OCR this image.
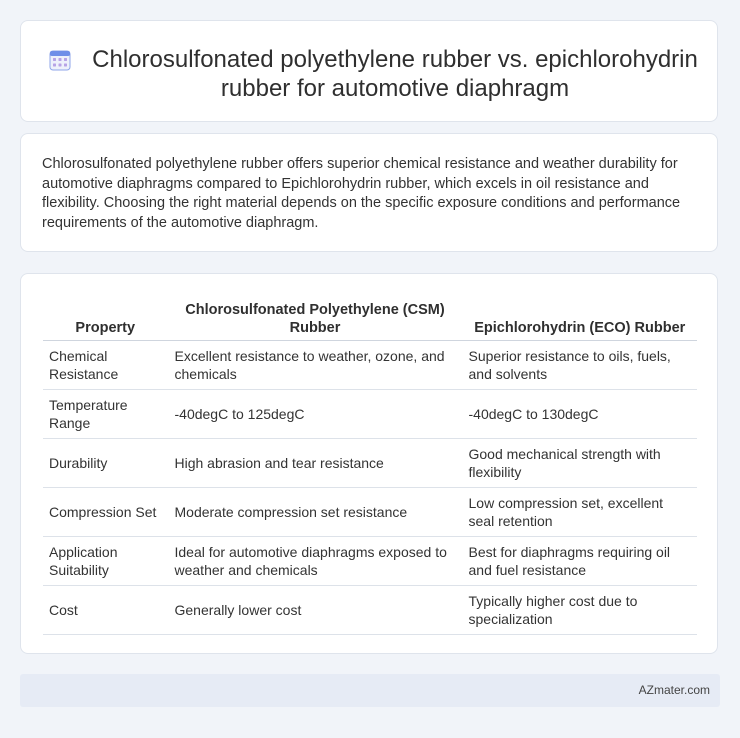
Chlorosulfonated polyethylene rubber vs. epichlorohydrin rubber for automotive diaphragm
Chlorosulfonated polyethylene rubber offers superior chemical resistance and weather durability for automotive diaphragms compared to Epichlorohydrin rubber, which excels in oil resistance and flexibility. Choosing the right material depends on the specific exposure conditions and performance requirements of the automotive diaphragm.
Property	Chlorosulfonated Polyethylene (CSM) Rubber	Epichlorohydrin (ECO) Rubber
Chemical Resistance	Excellent resistance to weather, ozone, and chemicals	Superior resistance to oils, fuels, and solvents
Temperature Range	-40degC to 125degC	-40degC to 130degC
Durability	High abrasion and tear resistance	Good mechanical strength with flexibility
Compression Set	Moderate compression set resistance	Low compression set, excellent seal retention
Application Suitability	Ideal for automotive diaphragms exposed to weather and chemicals	Best for diaphragms requiring oil and fuel resistance
Cost	Generally lower cost	Typically higher cost due to specialization
AZmater.com
